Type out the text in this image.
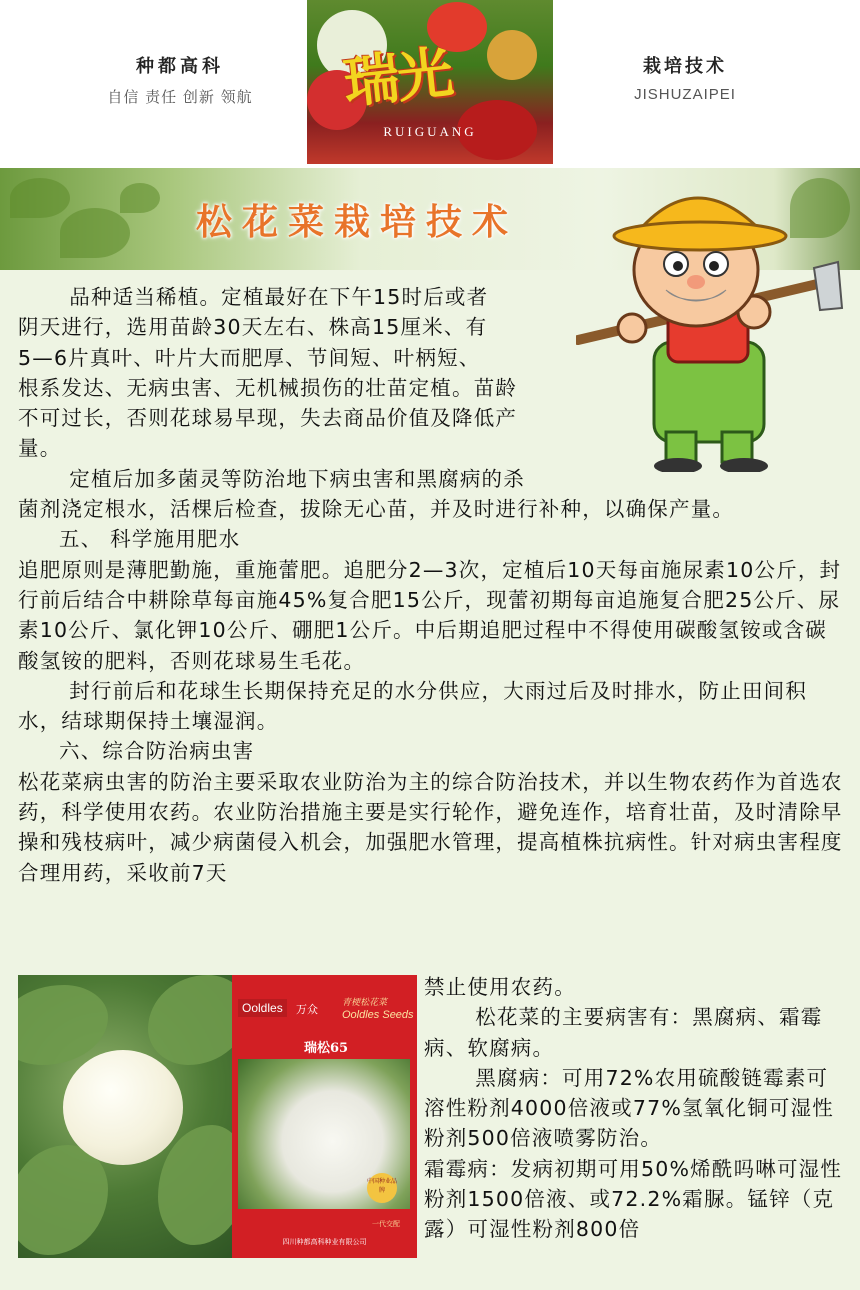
种都高科
自信 责任 创新 领航	瑞光
RUIGUANG
栽培技术
JISHUZAIPEI
松花菜栽培技术

品种适当稀植。定植最好在下午15时后或者

阴天进行，选用苗龄30天左右、株高15厘米、有

5—6片真叶、叶片大而肥厚、节间短、叶柄短、

根系发达、无病虫害、无机械损伤的壮苗定植。苗龄

不可过长，否则花球易早现，失去商品价值及降低产

量。

定植后加多菌灵等防治地下病虫害和黑腐病的杀

菌剂浇定根水，活棵后检查，拔除无心苗，并及时进行补种，以确保产量。

五、 科学施用肥水

追肥原则是薄肥勤施，重施蕾肥。追肥分2—3次，定植后10天每亩施尿素10公斤，封行前后结合中耕除草每亩施45%复合肥15公斤，现蕾初期每亩追施复合肥25公斤、尿素10公斤、氯化钾10公斤、硼肥1公斤。中后期追肥过程中不得使用碳酸氢铵或含碳酸氢铵的肥料，否则花球易生毛花。

封行前后和花球生长期保持充足的水分供应，大雨过后及时排水，防止田间积水，结球期保持土壤湿润。

六、综合防治病虫害

松花菜病虫害的防治主要采取农业防治为主的综合防治技术，并以生物农药作为首选农药，科学使用农药。农业防治措施主要是实行轮作，避免连作，培育壮苗，及时清除早操和残枝病叶，减少病菌侵入机会，加强肥水管理，提高植株抗病性。针对病虫害程度合理用药，采收前7天

Ooldles	万众	青梗松花菜
Ooldles Seeds
瑞松65
中国种业品牌
一代交配
四川种都高科种业有限公司

禁止使用农药。

松花菜的主要病害有：黑腐病、霜霉病、软腐病。

黑腐病：可用72%农用硫酸链霉素可溶性粉剂4000倍液或77%氢氧化铜可湿性粉剂500倍液喷雾防治。

霜霉病：发病初期可用50%烯酰吗啉可湿性粉剂1500倍液、或72.2%霜脲。锰锌（克露）可湿性粉剂800倍
